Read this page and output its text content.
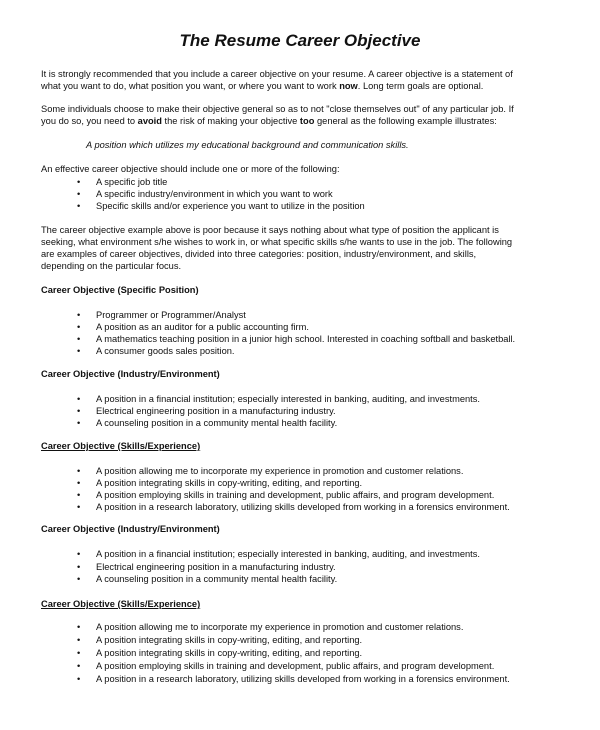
The Resume Career Objective

It is strongly recommended that you include a career objective on your resume. A career objective is a statement of

what you want to do, what position you want, or where you want to work now. Long term goals are optional.

Some individuals choose to make their objective general so as to not "close themselves out" of any particular job. If

you do so, you need to avoid the risk of making your objective too general as the following example illustrates:

A position which utilizes my educational background and communication skills.
An effective career objective should include one or more of the following:
• A specific job title
• A specific industry/environment in which you want to work
• Specific skills and/or experience you want to utilize in the position

The career objective example above is poor because it says nothing about what type of position the applicant is

seeking, what environment s/he wishes to work in, or what specific skills s/he wants to use in the job. The following

are examples of career objectives, divided into three categories: position, industry/environment, and skills,

depending on the particular focus.

Career Objective (Specific Position)
• Programmer or Programmer/Analyst
• A position as an auditor for a public accounting firm.
• A mathematics teaching position in a junior high school. Interested in coaching softball and basketball.
• A consumer goods sales position.
Career Objective (Industry/Environment)
• A position in a financial institution; especially interested in banking, auditing, and investments.
• Electrical engineering position in a manufacturing industry.
• A counseling position in a community mental health facility.
Career Objective (Skills/Experience)
• A position allowing me to incorporate my experience in promotion and customer relations.
• A position integrating skills in copy-writing, editing, and reporting.
• A position employing skills in training and development, public affairs, and program development.
• A position in a research laboratory, utilizing skills developed from working in a forensics environment.
Career Objective (Industry/Environment)
• A position in a financial institution; especially interested in banking, auditing, and investments.
• Electrical engineering position in a manufacturing industry.
• A counseling position in a community mental health facility.
Career Objective (Skills/Experience)
• A position allowing me to incorporate my experience in promotion and customer relations.
• A position integrating skills in copy-writing, editing, and reporting.
• A position integrating skills in copy-writing, editing, and reporting.
• A position employing skills in training and development, public affairs, and program development.
• A position in a research laboratory, utilizing skills developed from working in a forensics environment.
